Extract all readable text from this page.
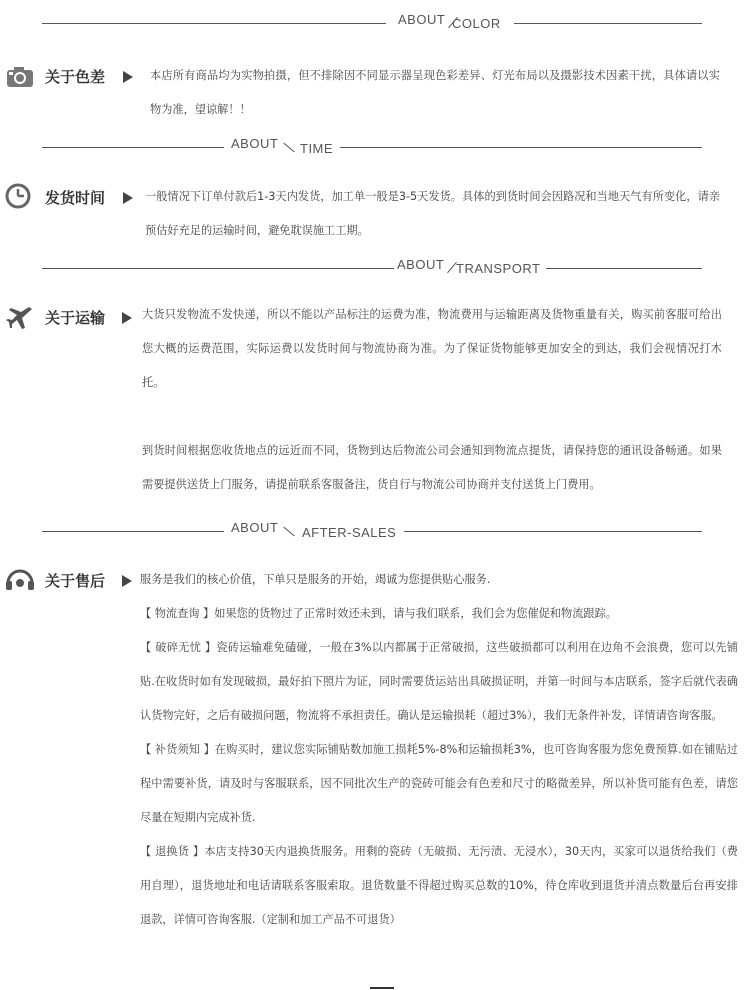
ABOUT COLOR
关于色差	本店所有商品均为实物拍摄，但不排除因不同显示器呈现色彩差异、灯光布局以及摄影技术因素干扰，具体请以实物为准，望谅解！！

ABOUT TIME
发货时间	一般情况下订单付款后1-3天内发货，加工单一般是3-5天发货。具体的到货时间会因路况和当地天气有所变化，请亲预估好充足的运输时间，避免耽误施工工期。

ABOUT TRANSPORT
关于运输	大货只发物流不发快递，所以不能以产品标注的运费为准，物流费用与运输距离及货物重量有关，购买前客服可给出您大概的运费范围，实际运费以发货时间与物流协商为准。为了保证货物能够更加安全的到达，我们会视情况打木托。

到货时间根据您收货地点的远近而不同，货物到达后物流公司会通知到物流点提货，请保持您的通讯设备畅通。如果需要提供送货上门服务，请提前联系客服备注，货自行与物流公司协商并支付送货上门费用。

ABOUT AFTER-SALES
关于售后	服务是我们的核心价值，下单只是服务的开始，竭诚为您提供贴心服务.

【 物流查询 】如果您的货物过了正常时效还未到，请与我们联系，我们会为您催促和物流跟踪。

【 破碎无忧 】瓷砖运输难免磕碰，一般在3%以内都属于正常破损，这些破损都可以利用在边角不会浪费，您可以先铺贴.在收货时如有发现破损，最好拍下照片为证，同时需要货运站出具破损证明，并第一时间与本店联系，签字后就代表确认货物完好，之后有破损问题，物流将不承担责任。确认是运输损耗（超过3%），我们无条件补发，详情请咨询客服。

【 补货须知 】在购买时，建议您实际铺贴数加施工损耗5%-8%和运输损耗3%，也可咨询客服为您免费预算.如在铺贴过程中需要补货，请及时与客服联系，因不同批次生产的瓷砖可能会有色差和尺寸的略微差异，所以补货可能有色差，请您尽量在短期内完成补货.

【 退换货 】本店支持30天内退换货服务。用剩的瓷砖（无破损、无污渍、无浸水），30天内，买家可以退货给我们（费用自理），退货地址和电话请联系客服索取。退货数量不得超过购买总数的10%，待仓库收到退货并清点数量后台再安排退款，详情可咨询客服.（定制和加工产品不可退货）
